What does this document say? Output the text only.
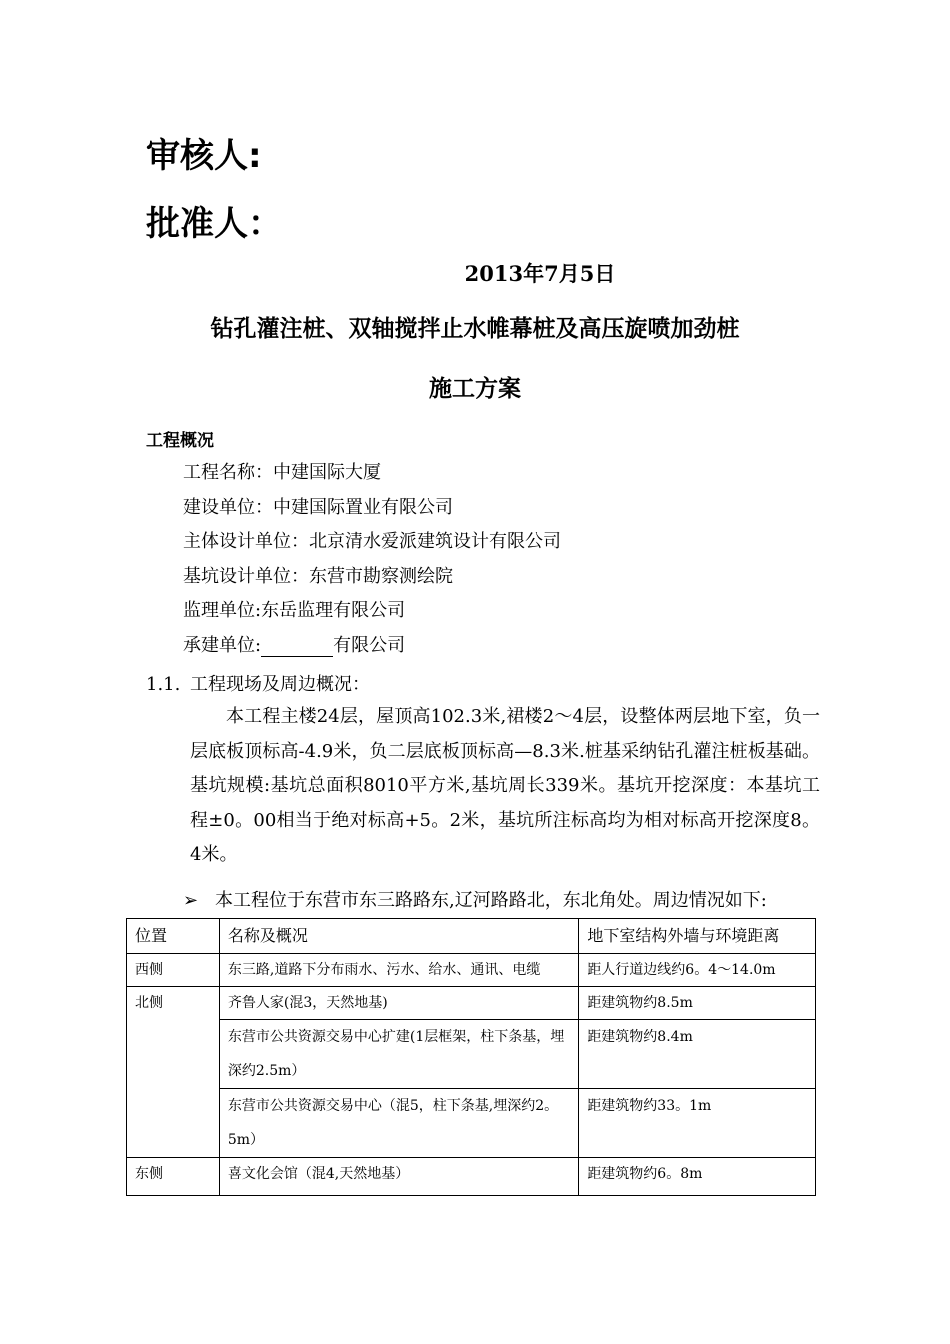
审核人:
批准人：
2013年7月5日
钻孔灌注桩、双轴搅拌止水帷幕桩及高压旋喷加劲桩
施工方案
工程概况
工程名称：中建国际大厦
建设单位：中建国际置业有限公司
主体设计单位：北京清水爱派建筑设计有限公司
基坑设计单位：东营市勘察测绘院
监理单位:东岳监理有限公司
承建单位:	有限公司
1.1. 工程现场及周边概况：
本工程主楼24层，屋顶高102.3米,裙楼2～4层，设整体两层地下室，负一层底板顶标高-4.9米，负二层底板顶标高—8.3米.桩基采纳钻孔灌注桩板基础。基坑规模:基坑总面积8010平方米,基坑周长339米。基坑开挖深度：本基坑工程±0。00相当于绝对标高+5。2米，基坑所注标高均为相对标高开挖深度8。4米。
➢ 本工程位于东营市东三路路东,辽河路路北，东北角处。周边情况如下:
位置	名称及概况	地下室结构外墙与环境距离
西侧	东三路,道路下分布雨水、污水、给水、通讯、电缆	距人行道边线约6。4～14.0m
北侧	齐鲁人家(混3，天然地基)	距建筑物约8.5m
	东营市公共资源交易中心扩建(1层框架，柱下条基，埋深约2.5m）	距建筑物约8.4m
	东营市公共资源交易中心（混5，柱下条基,埋深约2。5m）	距建筑物约33。1m
东侧	喜文化会馆（混4,天然地基）	距建筑物约6。8m
